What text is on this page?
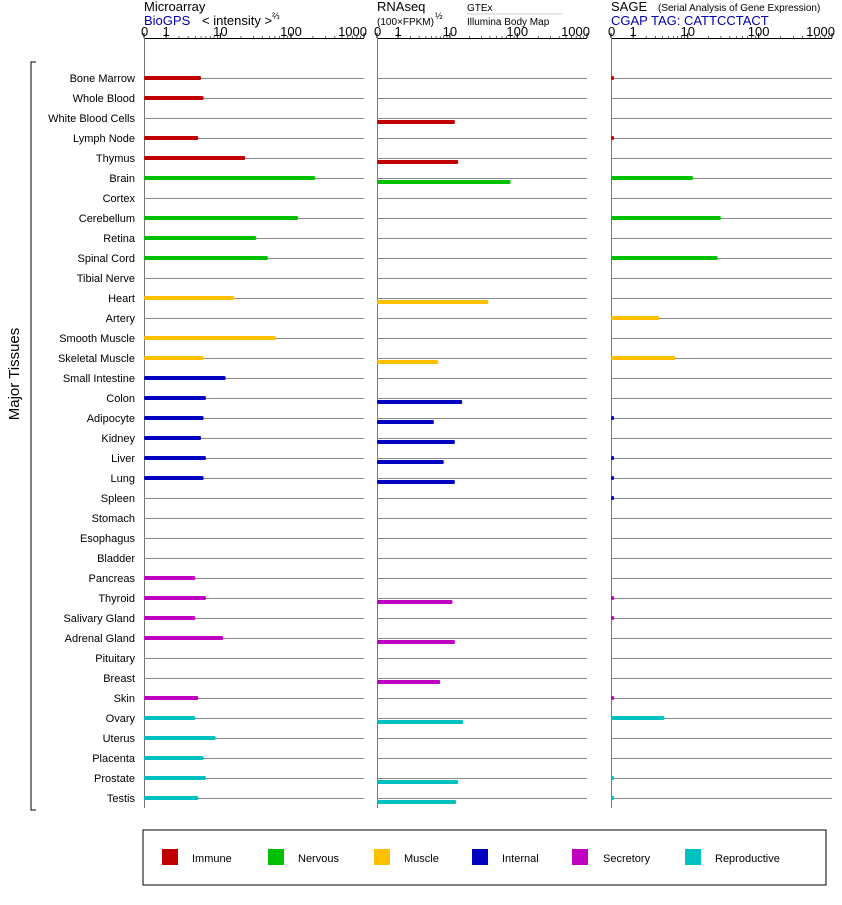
Microarray
BioGPS < intensity > ⅔
0 1	10	100	1000
RNAseq
(100×FPKM)
½
GTEx
Illumina Body Map
0 1	10	100	1000
SAGE (Serial Analysis of Gene Expression)
CGAP TAG: CATTCCTACT
0 1	10	100	1000
Major Tissues
Bone Marrow
Whole Blood
White Blood Cells
Lymph Node
Thymus
Brain
Cortex
Cerebellum
Retina
Spinal Cord
Tibial Nerve
Heart
Artery
Smooth Muscle
Skeletal Muscle
Small Intestine
Colon
Adipocyte
Kidney
Liver
Lung
Spleen
Stomach
Esophagus
Bladder
Pancreas
Thyroid
Salivary Gland
Adrenal Gland
Pituitary
Breast
Skin
Ovary
Uterus
Placenta
Prostate
Testis
Immune	Nervous	Muscle	Internal	Secretory	Reproductive
